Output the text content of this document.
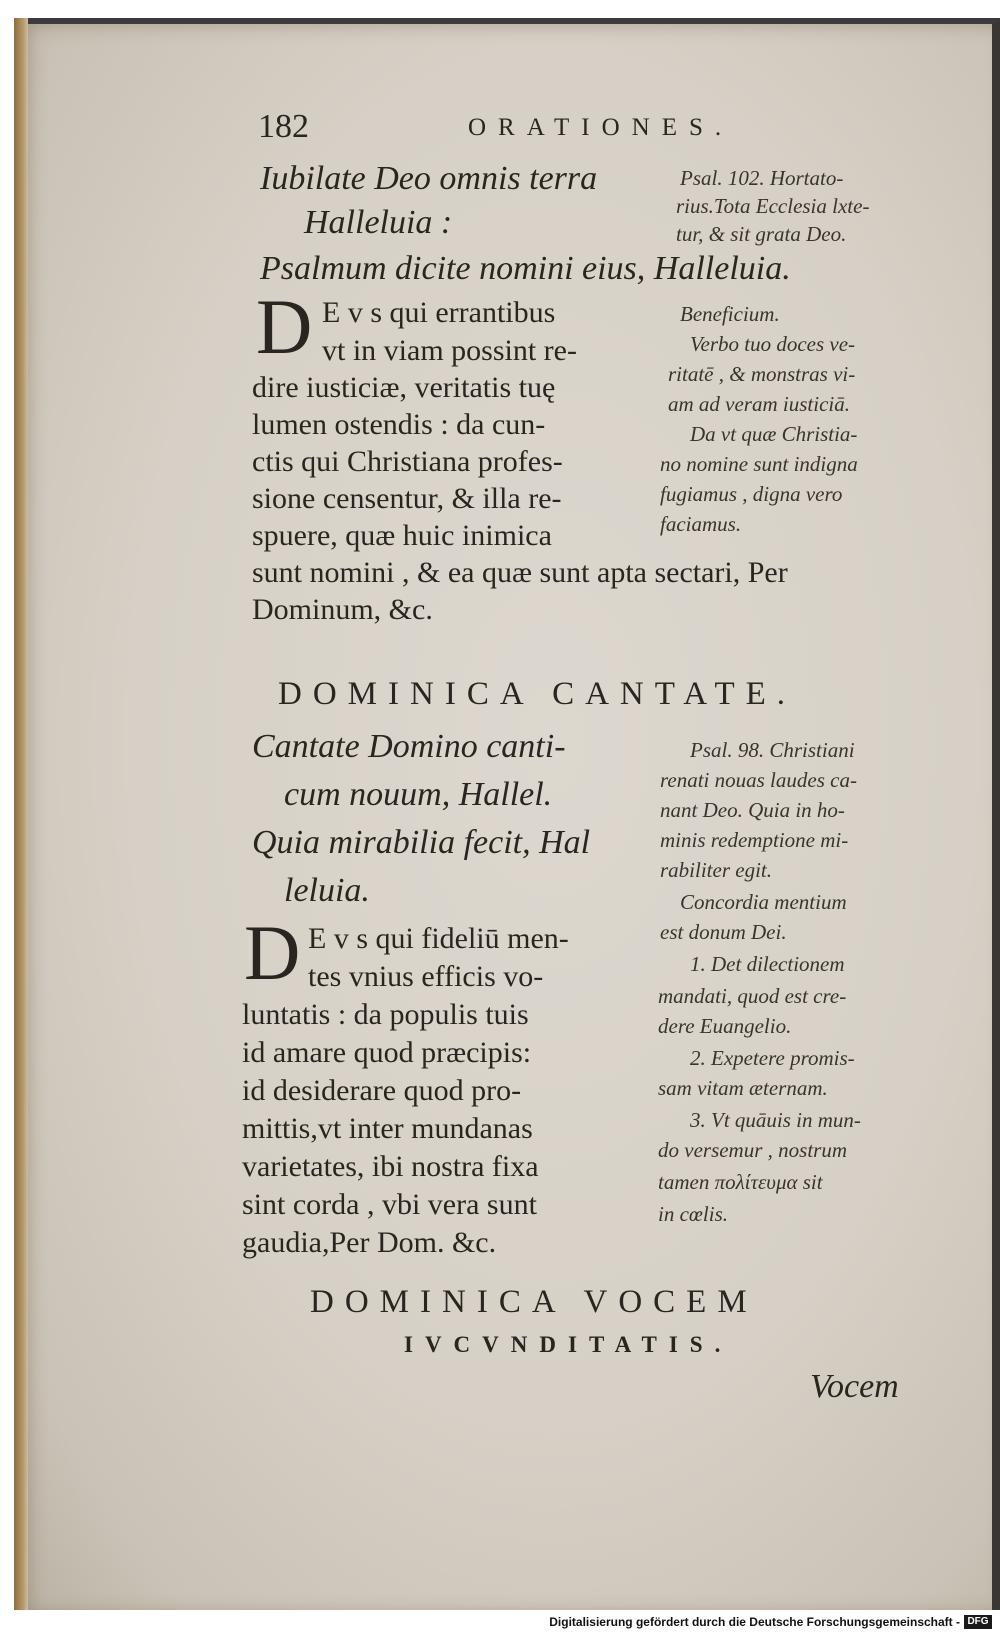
182	ORATIONES.
Iubilate Deo omnis terra
Halleluia :
Psalmum dicite nomini eius, Halleluia.
Psal. 102. Hortato-
rius.Tota Ecclesia lxte-
tur, & sit grata Deo.
D E v s qui errantibus
vt in viam possint re-
dire iusticiæ, veritatis tuę
lumen ostendis : da cun-
ctis qui Christiana profes-
sione censentur, & illa re-
spuere, quæ huic inimica
sunt nomini , & ea quæ sunt apta sectari, Per
Dominum, &c.
Beneficium.
Verbo tuo doces ve-
ritatē , & monstras vi-
am ad veram iusticiā.
Da vt quæ Christia-
no nomine sunt indigna
fugiamus , digna vero
faciamus.
DOMINICA CANTATE.
Cantate Domino canti-
cum nouum, Hallel.
Quia mirabilia fecit, Hal
leluia.
D E v s qui fideliū men-
tes vnius efficis vo-
luntatis : da populis tuis
id amare quod præcipis:
id desiderare quod pro-
mittis,vt inter mundanas
varietates, ibi nostra fixa
sint corda , vbi vera sunt
gaudia,Per Dom. &c.
Psal. 98. Christiani
renati nouas laudes ca-
nant Deo. Quia in ho-
minis redemptione mi-
rabiliter egit.
Concordia mentium
est donum Dei.
1. Det dilectionem
mandati, quod est cre-
dere Euangelio.
2. Expetere promis-
sam vitam æternam.
3. Vt quāuis in mun-
do versemur , nostrum
tamen πολίτευμα sit
in cœlis.
DOMINICA VOCEM
IVCVNDITATIS.
Vocem
Digitalisierung gefördert durch die Deutsche Forschungsgemeinschaft - DFG
